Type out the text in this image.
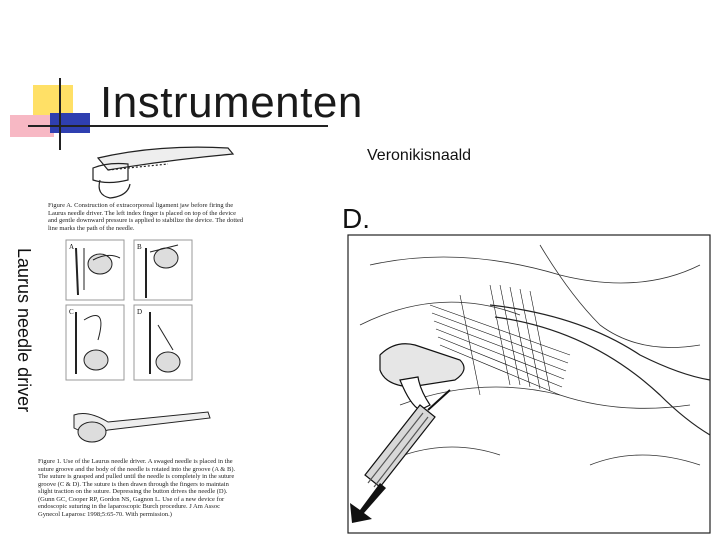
Instrumenten
Veronikisnaald
Laurus needle driver
A	B
C	D
Figure A. Construction of extracorporeal ligament jaw before firing the Laurus needle driver. The left index finger is placed on top of the device and gentle downward pressure is applied to stabilize the device. The dotted line marks the path of the needle.
Figure 1. Use of the Laurus needle driver. A swaged needle is placed in the suture groove and the body of the needle is rotated into the groove (A & B). The suture is grasped and pulled until the needle is completely in the suture groove (C & D). The suture is then drawn through the fingers to maintain slight traction on the suture. Depressing the button drives the needle (D). (Gunn GC, Cooper RP, Gordon NS, Gagnon L. Use of a new device for endoscopic suturing in the laparoscopic Burch procedure. J Am Assoc Gynecol Laparosc 1998;5:65-70. With permission.)
D.
